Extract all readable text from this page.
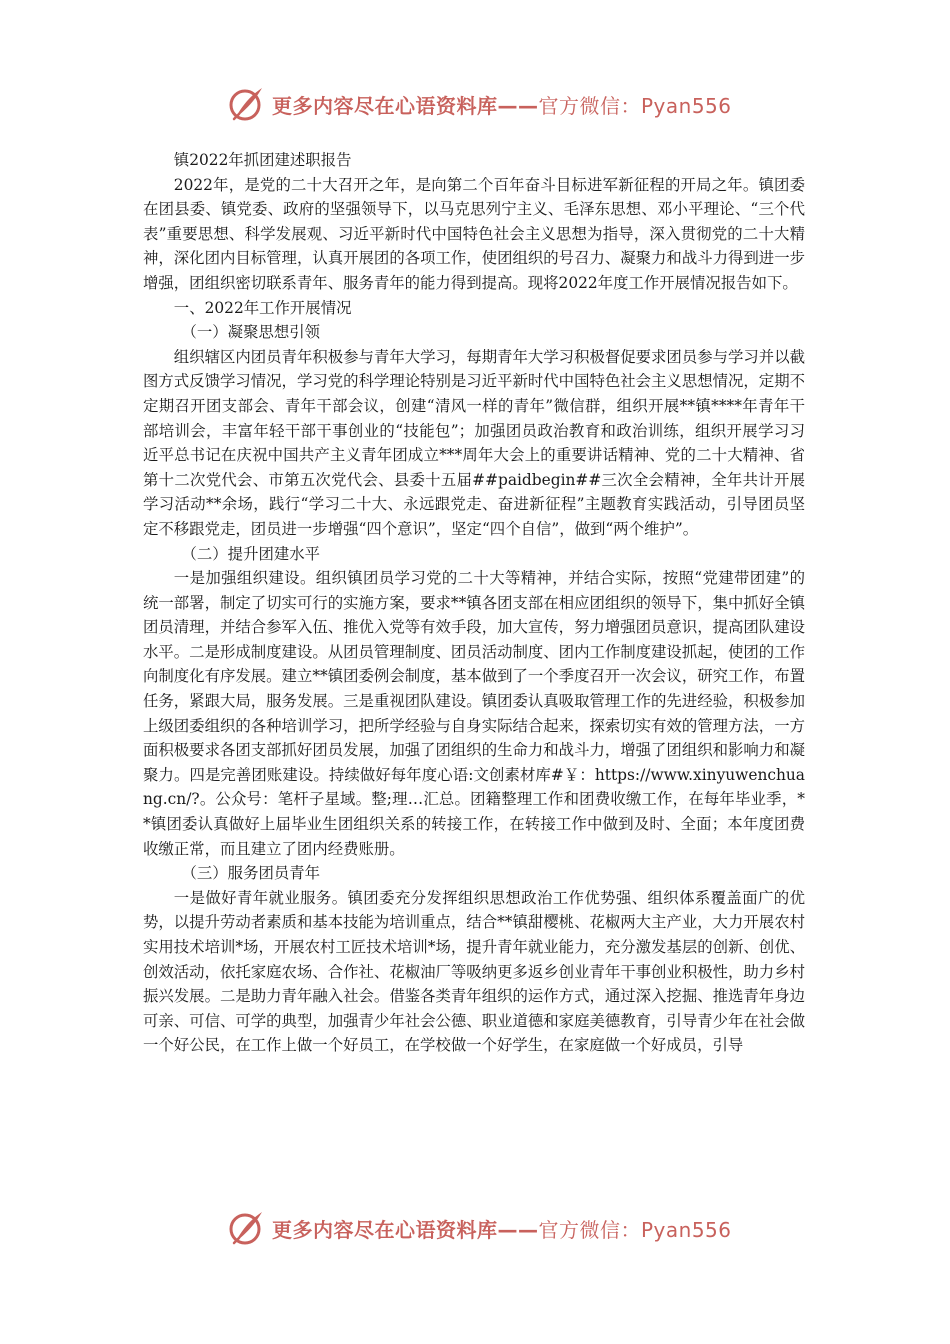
更多内容尽在心语资料库——官方微信：Pyan556

镇2022年抓团建述职报告

2022年，是党的二十大召开之年，是向第二个百年奋斗目标进军新征程的开局之年。镇团委在团县委、镇党委、政府的坚强领导下，以马克思列宁主义、毛泽东思想、邓小平理论、“三个代表”重要思想、科学发展观、习近平新时代中国特色社会主义思想为指导，深入贯彻党的二十大精神，深化团内目标管理，认真开展团的各项工作，使团组织的号召力、凝聚力和战斗力得到进一步增强，团组织密切联系青年、服务青年的能力得到提高。现将2022年度工作开展情况报告如下。

一、2022年工作开展情况

（一）凝聚思想引领

组织辖区内团员青年积极参与青年大学习，每期青年大学习积极督促要求团员参与学习并以截图方式反馈学习情况，学习党的科学理论特别是习近平新时代中国特色社会主义思想情况，定期不定期召开团支部会、青年干部会议，创建“清风一样的青年”微信群，组织开展**镇****年青年干部培训会，丰富年轻干部干事创业的“技能包”；加强团员政治教育和政治训练，组织开展学习习近平总书记在庆祝中国共产主义青年团成立***周年大会上的重要讲话精神、党的二十大精神、省第十二次党代会、市第五次党代会、县委十五届##paidbegin##三次全会精神，全年共计开展学习活动**余场，践行“学习二十大、永远跟党走、奋进新征程”主题教育实践活动，引导团员坚定不移跟党走，团员进一步增强“四个意识”，坚定“四个自信”，做到“两个维护”。

（二）提升团建水平

一是加强组织建设。组织镇团员学习党的二十大等精神，并结合实际，按照“党建带团建”的统一部署，制定了切实可行的实施方案，要求**镇各团支部在相应团组织的领导下，集中抓好全镇团员清理，并结合参军入伍、推优入党等有效手段，加大宣传，努力增强团员意识，提高团队建设水平。二是形成制度建设。从团员管理制度、团员活动制度、团内工作制度建设抓起，使团的工作向制度化有序发展。建立**镇团委例会制度，基本做到了一个季度召开一次会议，研究工作，布置任务，紧跟大局，服务发展。三是重视团队建设。镇团委认真吸取管理工作的先进经验，积极参加上级团委组织的各种培训学习，把所学经验与自身实际结合起来，探索切实有效的管理方法，一方面积极要求各团支部抓好团员发展，加强了团组织的生命力和战斗力，增强了团组织和影响力和凝聚力。四是完善团账建设。持续做好每年度心语:文创素材库#￥：https://www.xinyuwenchuang.cn/?。公众号：笔杆子星域。整;理…汇总。团籍整理工作和团费收缴工作，在每年毕业季，**镇团委认真做好上届毕业生团组织关系的转接工作，在转接工作中做到及时、全面；本年度团费收缴正常，而且建立了团内经费账册。

（三）服务团员青年

一是做好青年就业服务。镇团委充分发挥组织思想政治工作优势强、组织体系覆盖面广的优势，以提升劳动者素质和基本技能为培训重点，结合**镇甜樱桃、花椒两大主产业，大力开展农村实用技术培训*场，开展农村工匠技术培训*场，提升青年就业能力，充分激发基层的创新、创优、创效活动，依托家庭农场、合作社、花椒油厂等吸纳更多返乡创业青年干事创业积极性，助力乡村振兴发展。二是助力青年融入社会。借鉴各类青年组织的运作方式，通过深入挖掘、推选青年身边可亲、可信、可学的典型，加强青少年社会公德、职业道德和家庭美德教育，引导青少年在社会做一个好公民，在工作上做一个好员工，在学校做一个好学生，在家庭做一个好成员，引导

更多内容尽在心语资料库——官方微信：Pyan556
